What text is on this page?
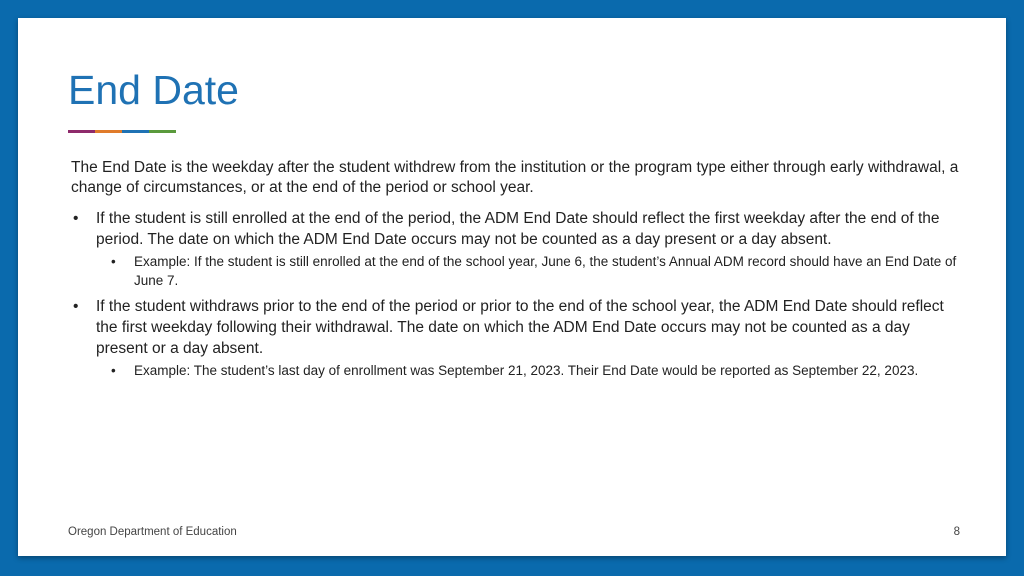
End Date

The End Date is the weekday after the student withdrew from the institution or the program type either through early withdrawal, a change of circumstances, or at the end of the period or school year.

• If the student is still enrolled at the end of the period, the ADM End Date should reflect the first weekday after the end of the period. The date on which the ADM End Date occurs may not be counted as a day present or a day absent.
• Example: If the student is still enrolled at the end of the school year, June 6, the student’s Annual ADM record should have an End Date of June 7.
• If the student withdraws prior to the end of the period or prior to the end of the school year, the ADM End Date should reflect the first weekday following their withdrawal. The date on which the ADM End Date occurs may not be counted as a day present or a day absent.
• Example: The student’s last day of enrollment was September 21, 2023. Their End Date would be reported as September 22, 2023.
Oregon Department of Education	8
